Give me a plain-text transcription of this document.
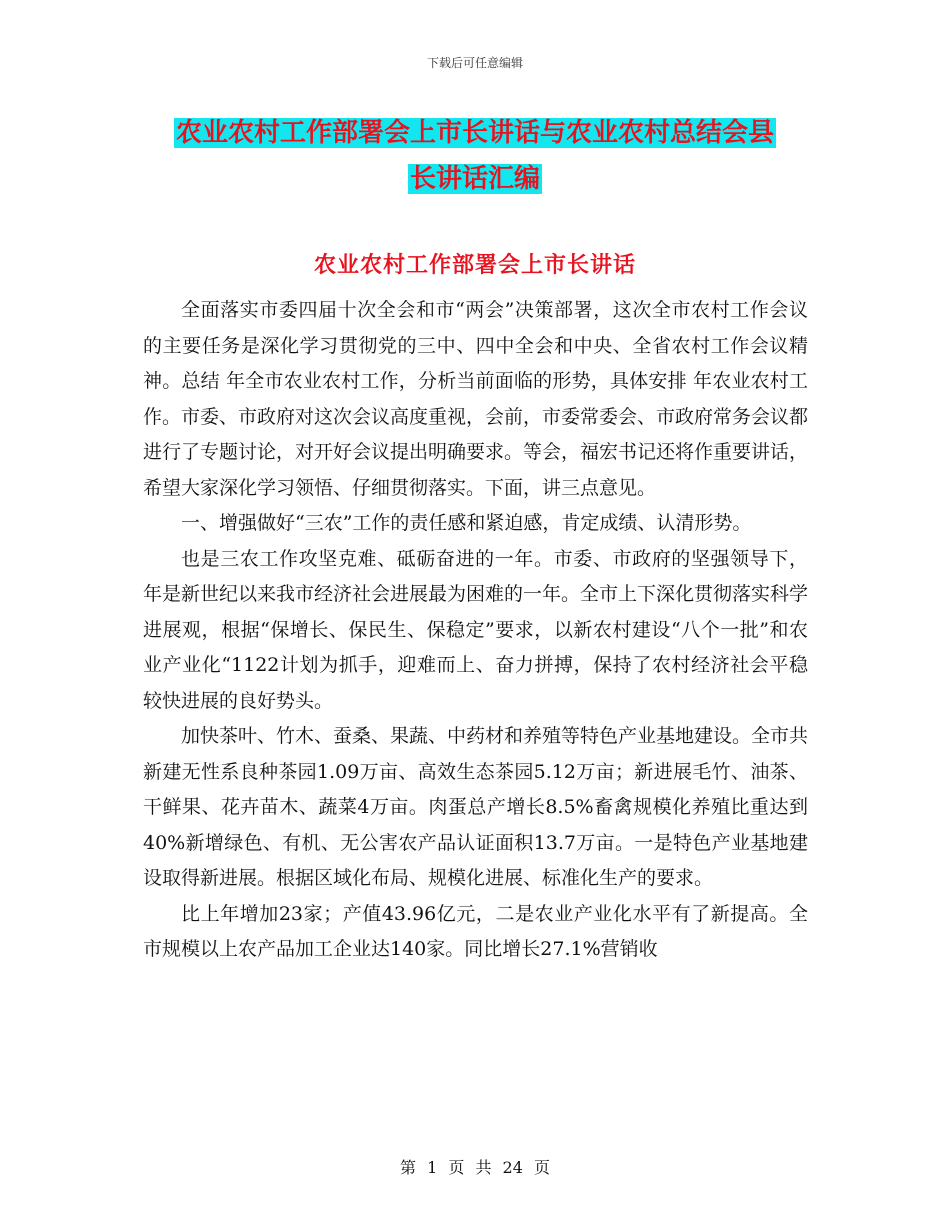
下载后可任意编辑
农业农村工作部署会上市长讲话与农业农村总结会县
长讲话汇编
农业农村工作部署会上市长讲话

全面落实市委四届十次全会和市“两会”决策部署，这次全市农村工作会议的主要任务是深化学习贯彻党的三中、四中全会和中央、全省农村工作会议精神。总结 年全市农业农村工作，分析当前面临的形势，具体安排 年农业农村工作。市委、市政府对这次会议高度重视，会前，市委常委会、市政府常务会议都进行了专题讨论，对开好会议提出明确要求。等会，福宏书记还将作重要讲话，希望大家深化学习领悟、仔细贯彻落实。下面，讲三点意见。

一、增强做好“三农”工作的责任感和紧迫感，肯定成绩、认清形势。

也是三农工作攻坚克难、砥砺奋进的一年。市委、市政府的坚强领导下， 年是新世纪以来我市经济社会进展最为困难的一年。全市上下深化贯彻落实科学进展观，根据“保增长、保民生、保稳定”要求，以新农村建设“八个一批”和农业产业化“1122计划为抓手，迎难而上、奋力拼搏，保持了农村经济社会平稳较快进展的良好势头。

加快茶叶、竹木、蚕桑、果蔬、中药材和养殖等特色产业基地建设。全市共新建无性系良种茶园1.09万亩、高效生态茶园5.12万亩；新进展毛竹、油茶、干鲜果、花卉苗木、蔬菜4万亩。肉蛋总产增长8.5%畜禽规模化养殖比重达到40%新增绿色、有机、无公害农产品认证面积13.7万亩。一是特色产业基地建设取得新进展。根据区域化布局、规模化进展、标准化生产的要求。

比上年增加23家；产值43.96亿元，二是农业产业化水平有了新提高。全市规模以上农产品加工企业达140家。同比增长27.1%营销收

第 1 页 共 24 页
